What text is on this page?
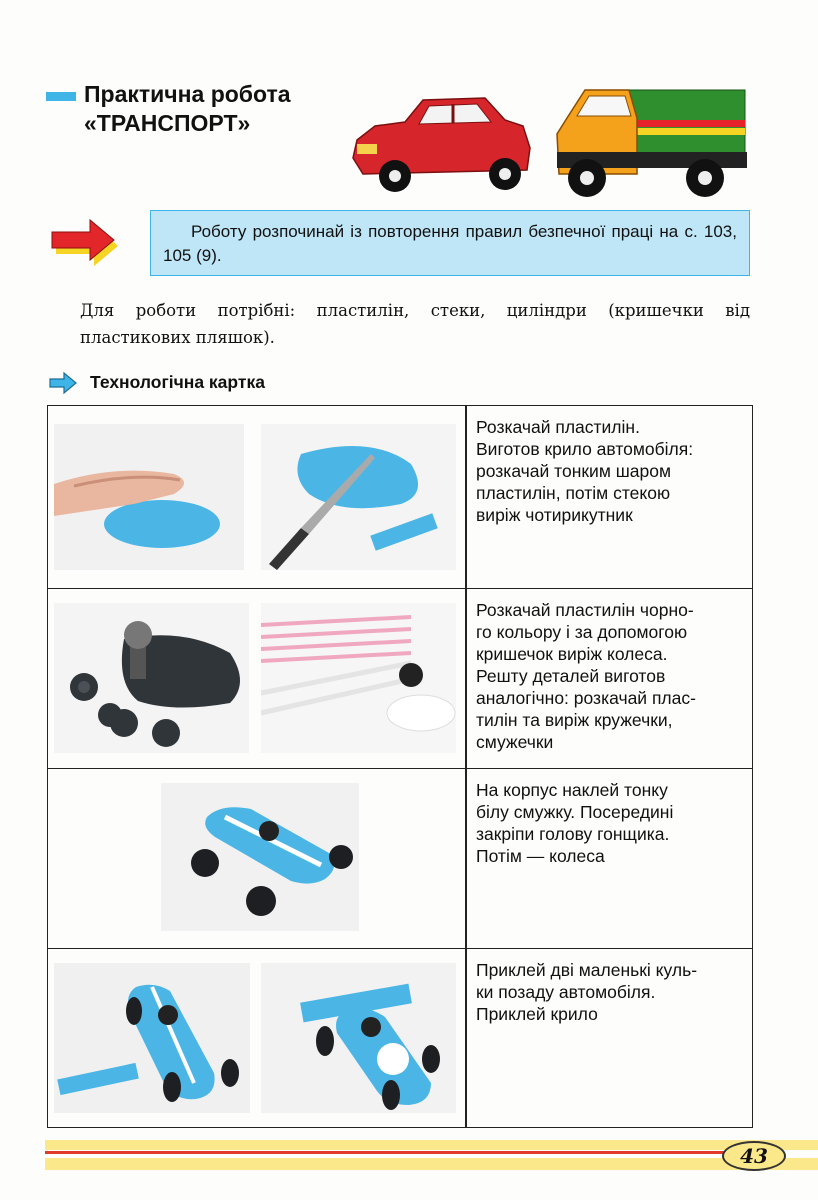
Практична робота
«ТРАНСПОРТ»
Роботу розпочинай із повторення правил безпечної праці на с. 103, 105 (9).

Для роботи потрібні: пластилін, стеки, циліндри (кришечки від пластикових пляшок).

Технологічна картка
Розкачай пластилін.
Виготов крило автомобіля:
розкачай тонким шаром
пластилін, потім стекою
виріж чотирикутник
Розкачай пластилін чорно-
го кольору і за допомогою
кришечок виріж колеса.
Решту деталей виготов
аналогічно: розкачай плас-
тилін та виріж кружечки,
смужечки
На корпус наклей тонку
білу смужку. Посередині
закріпи голову гонщика.
Потім — колеса
Приклей дві маленькі куль-
ки позаду автомобіля.
Приклей крило
43
